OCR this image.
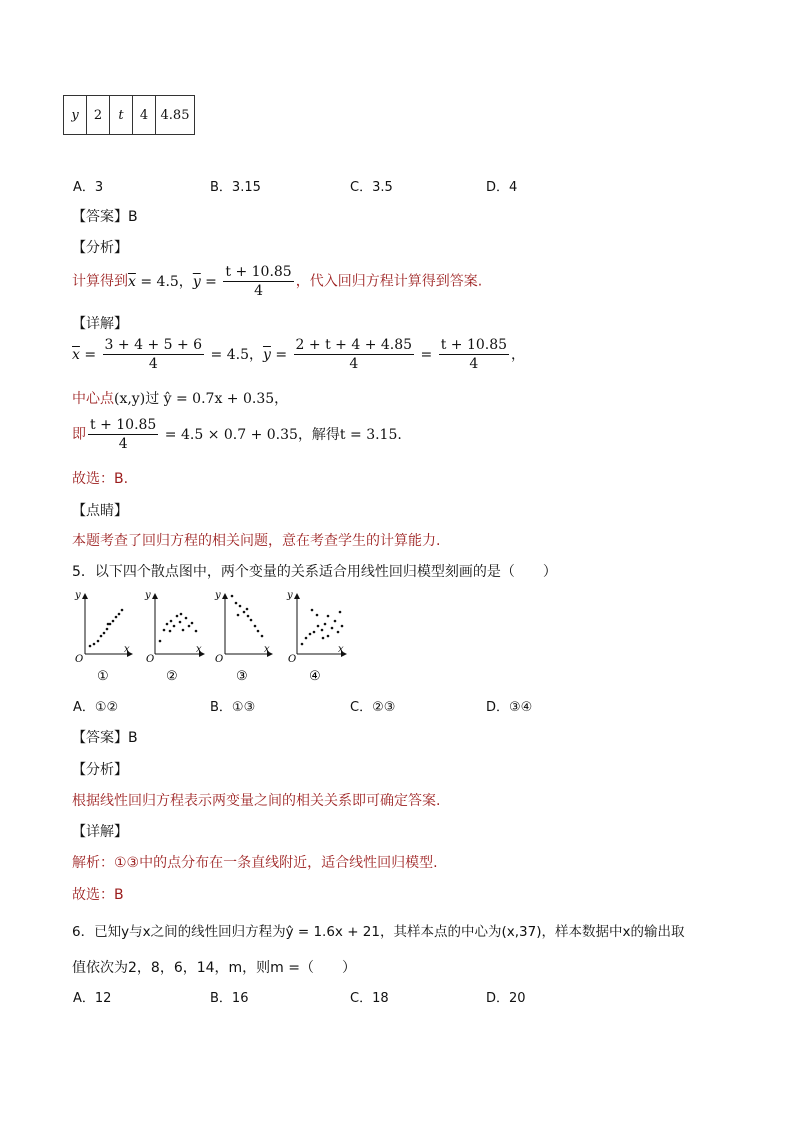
y	2	t	4	4.85
A．3	B．3.15	C．3.5	D．4
【答案】B
【分析】
计算得到$\overline{x} = 4.5$，$\overline{y} = \frac{t + 10.85}{4}$ ，代入回归方程计算得到答案.
【详解】
$\overline{x} = \frac{3 + 4 + 5 + 6}{4} = 4.5$，$\overline{y} = \frac{2 + t + 4 + 4.85}{4} = \frac{t + 10.85}{4}$ ，
中心点(x,y)过 ŷ = 0.7x + 0.35，
即 $\frac{t + 10.85}{4} = 4.5 \times 0.7 + 0.35$，解得t = 3.15.
故选：B.
【点睛】
本题考查了回归方程的相关问题，意在考查学生的计算能力.
5．以下四个散点图中，两个变量的关系适合用线性回归模型刻画的是（　　）
y
x
O
①
y
x
O
②
y
x
O
③
y
x
O
④
A．①②	B．①③	C．②③	D．③④
【答案】B
【分析】
根据线性回归方程表示两变量之间的相关关系即可确定答案.
【详解】
解析：①③中的点分布在一条直线附近，适合线性回归模型.
故选：B
6．已知y与x之间的线性回归方程为ŷ = 1.6x + 21，其样本点的中心为(x,37)，样本数据中x的输出取
值依次为2，8，6，14，m，则m =（　　）
A．12	B．16	C．18	D．20
